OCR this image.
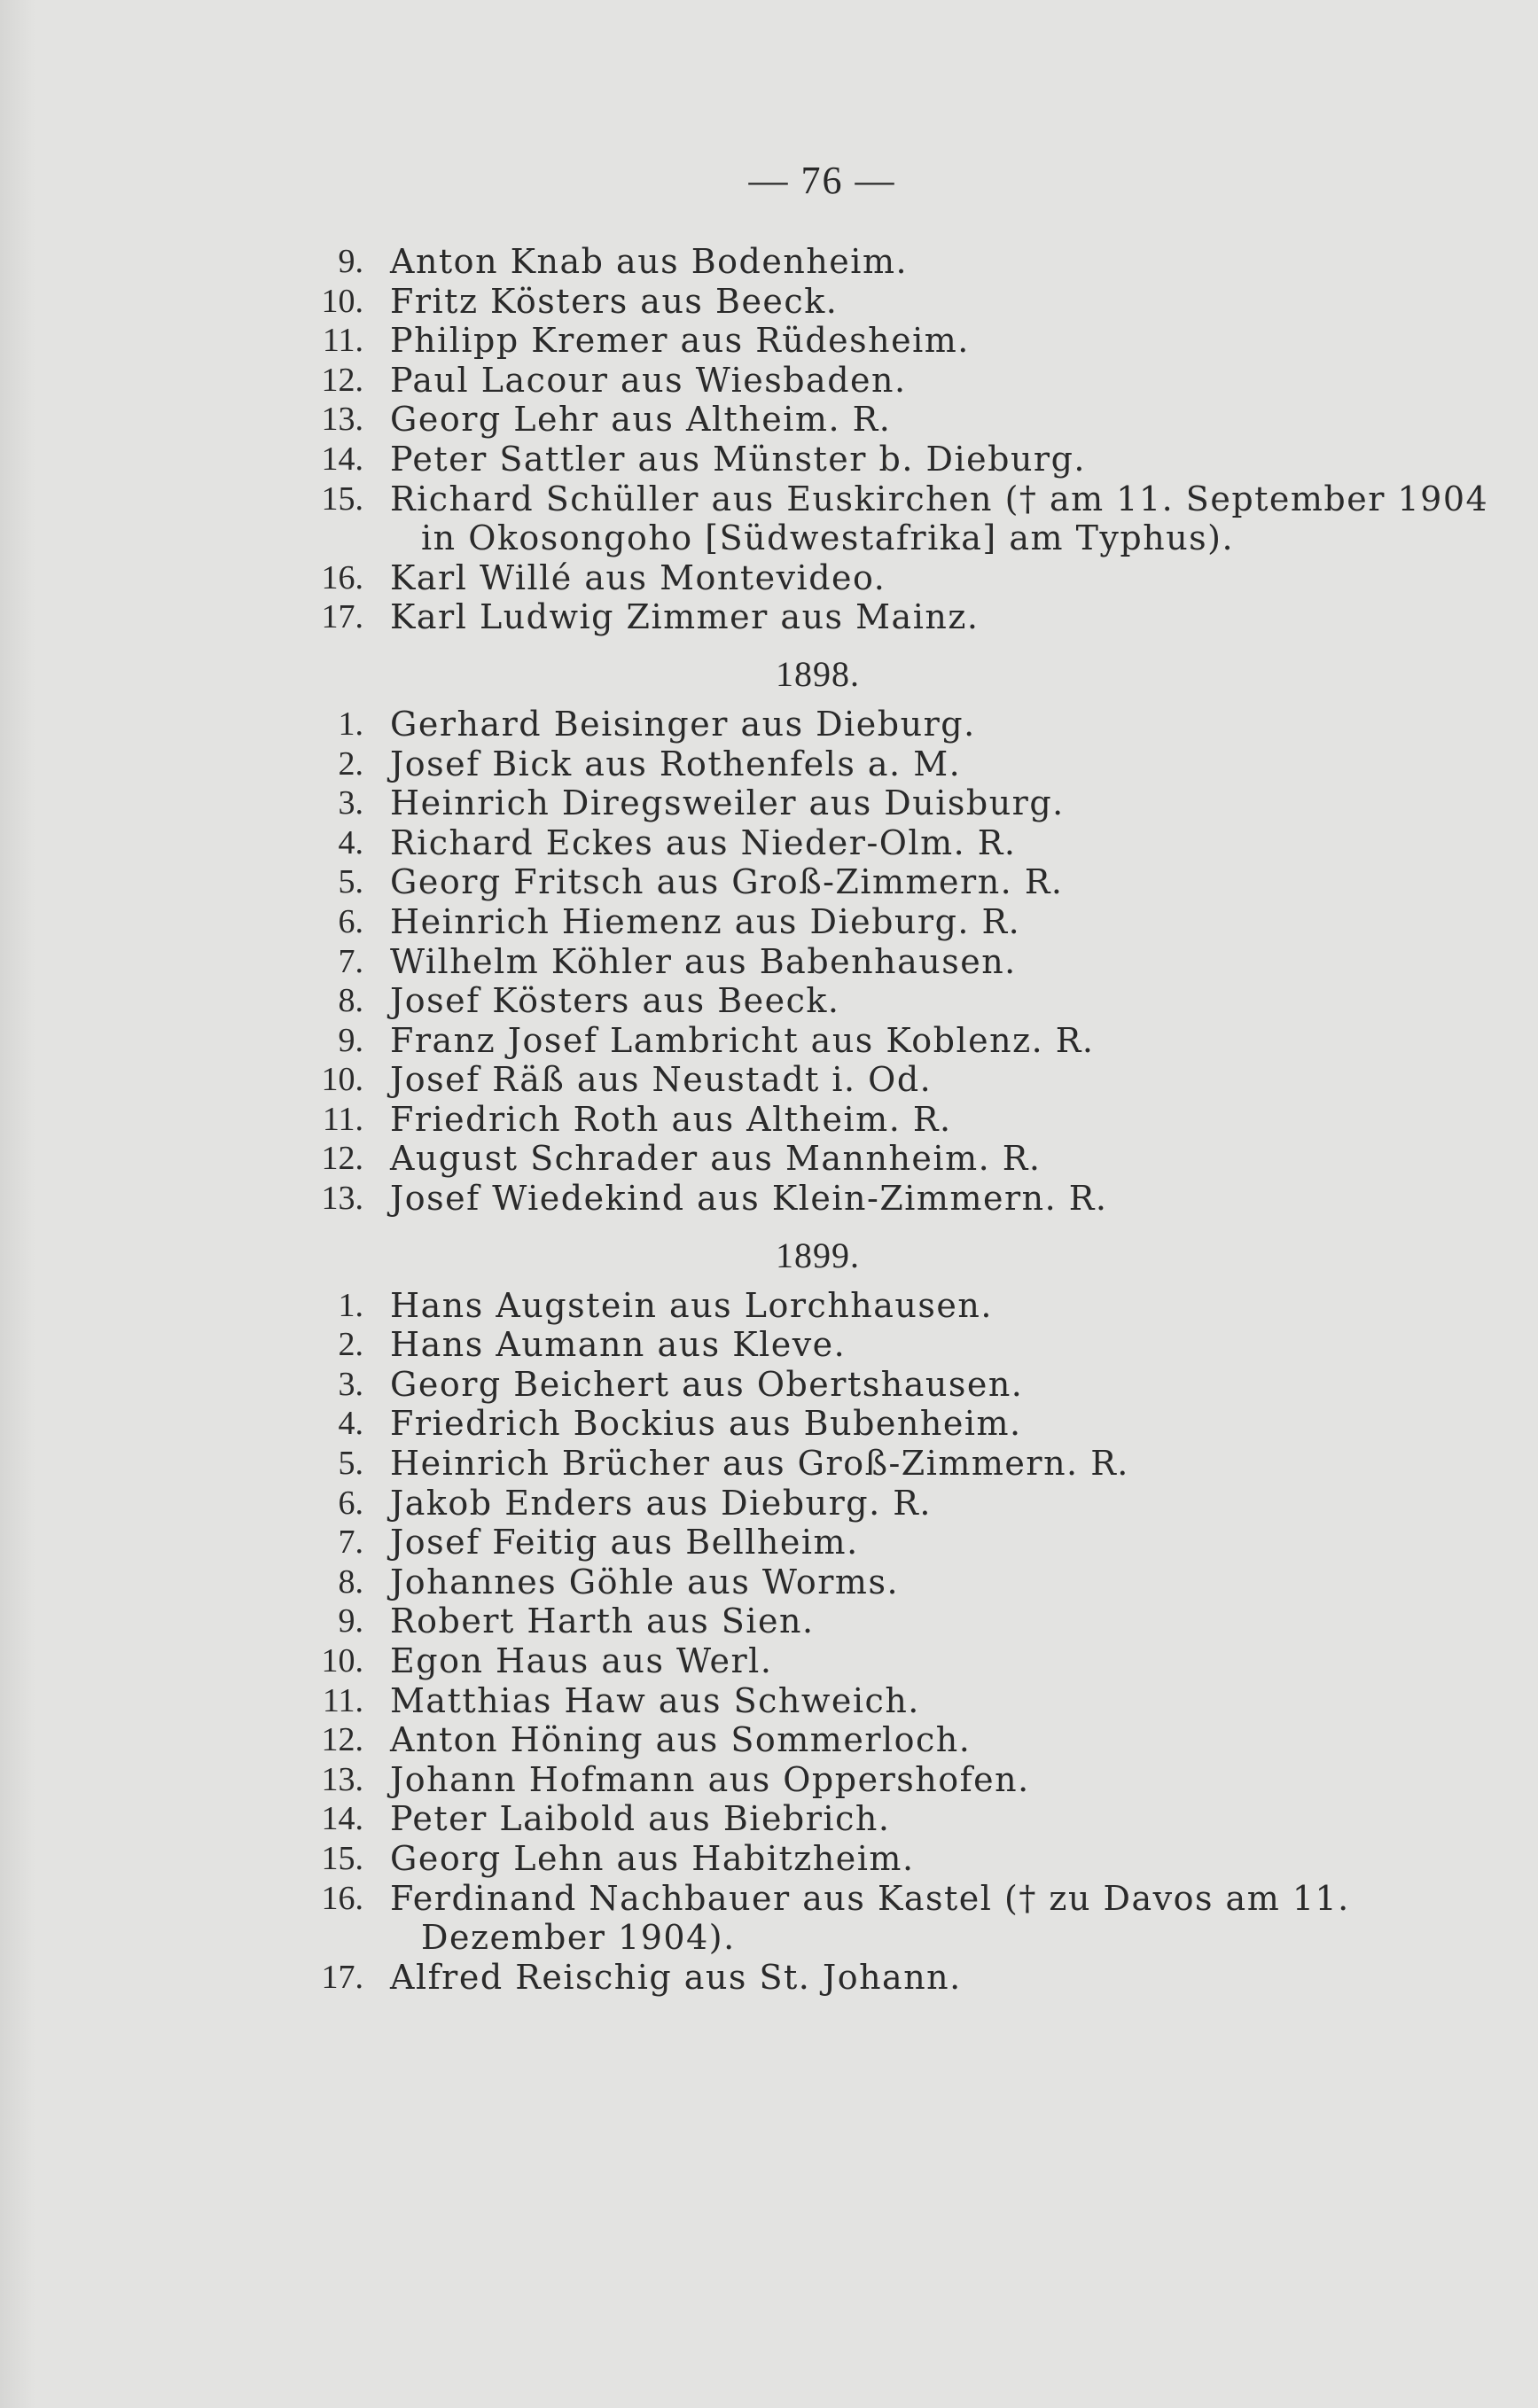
— 76 —
9. Anton Knab aus Bodenheim.
10. Fritz Kösters aus Beeck.
11. Philipp Kremer aus Rüdesheim.
12. Paul Lacour aus Wiesbaden.
13. Georg Lehr aus Altheim. R.
14. Peter Sattler aus Münster b. Dieburg.
15. Richard Schüller aus Euskirchen († am 11. September 1904
in Okosongoho [Südwestafrika] am Typhus).
16. Karl Willé aus Montevideo.
17. Karl Ludwig Zimmer aus Mainz.
1898.
1. Gerhard Beisinger aus Dieburg.
2. Josef Bick aus Rothenfels a. M.
3. Heinrich Diregsweiler aus Duisburg.
4. Richard Eckes aus Nieder-Olm. R.
5. Georg Fritsch aus Groß-Zimmern. R.
6. Heinrich Hiemenz aus Dieburg. R.
7. Wilhelm Köhler aus Babenhausen.
8. Josef Kösters aus Beeck.
9. Franz Josef Lambricht aus Koblenz. R.
10. Josef Räß aus Neustadt i. Od.
11. Friedrich Roth aus Altheim. R.
12. August Schrader aus Mannheim. R.
13. Josef Wiedekind aus Klein-Zimmern. R.
1899.
1. Hans Augstein aus Lorchhausen.
2. Hans Aumann aus Kleve.
3. Georg Beichert aus Obertshausen.
4. Friedrich Bockius aus Bubenheim.
5. Heinrich Brücher aus Groß-Zimmern. R.
6. Jakob Enders aus Dieburg. R.
7. Josef Feitig aus Bellheim.
8. Johannes Göhle aus Worms.
9. Robert Harth aus Sien.
10. Egon Haus aus Werl.
11. Matthias Haw aus Schweich.
12. Anton Höning aus Sommerloch.
13. Johann Hofmann aus Oppershofen.
14. Peter Laibold aus Biebrich.
15. Georg Lehn aus Habitzheim.
16. Ferdinand Nachbauer aus Kastel († zu Davos am 11.
Dezember 1904).
17. Alfred Reischig aus St. Johann.
